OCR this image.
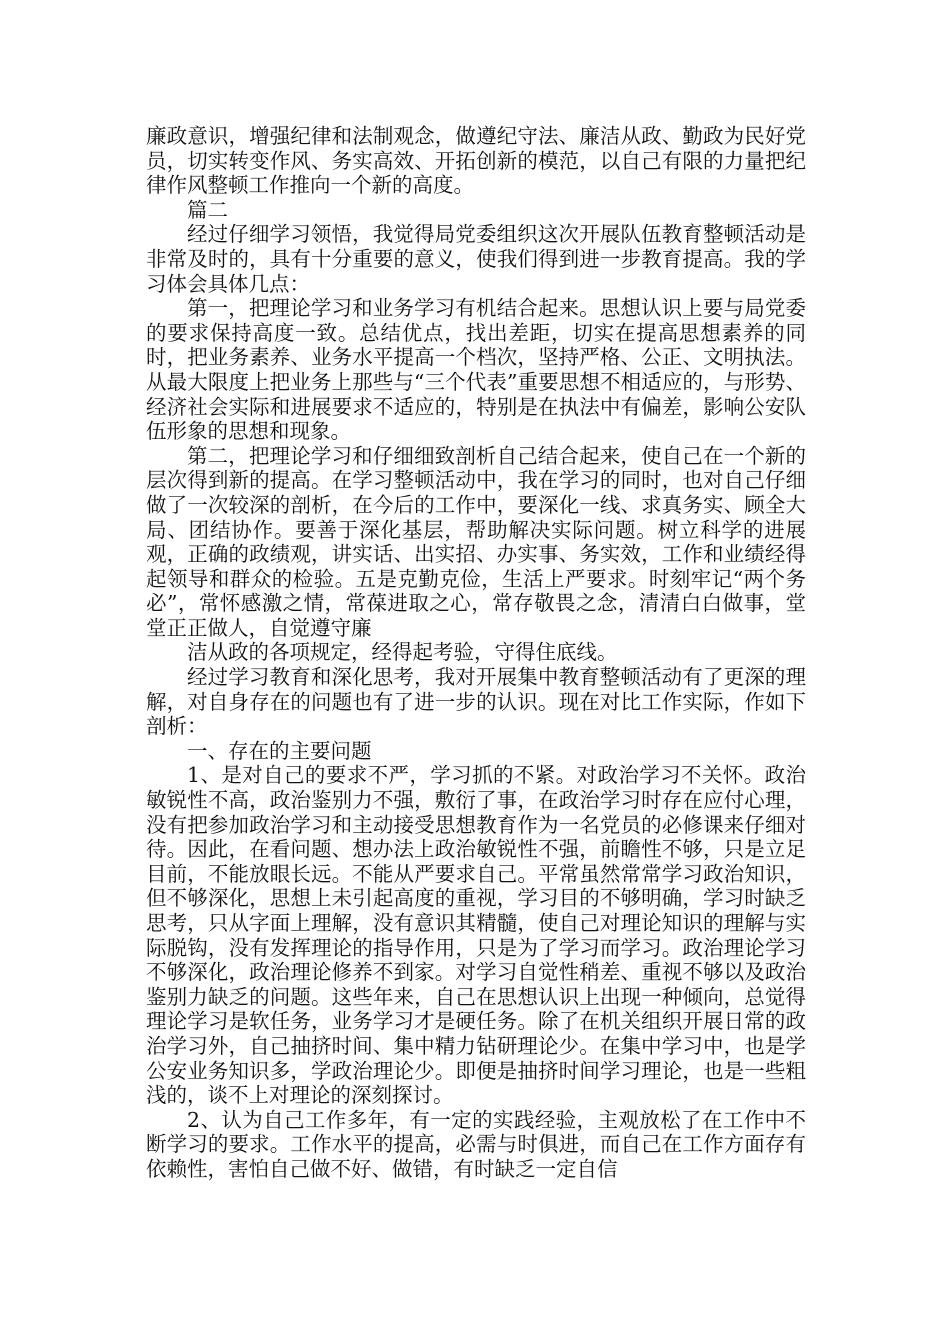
廉政意识，增强纪律和法制观念，做遵纪守法、廉洁从政、勤政为民好党员，切实转变作风、务实高效、开拓创新的模范，以自己有限的力量把纪律作风整顿工作推向一个新的高度。

篇二

经过仔细学习领悟，我觉得局党委组织这次开展队伍教育整顿活动是非常及时的，具有十分重要的意义，使我们得到进一步教育提高。我的学习体会具体几点：

第一，把理论学习和业务学习有机结合起来。思想认识上要与局党委的要求保持高度一致。总结优点，找出差距，切实在提高思想素养的同时，把业务素养、业务水平提高一个档次，坚持严格、公正、文明执法。从最大限度上把业务上那些与“三个代表”重要思想不相适应的，与形势、经济社会实际和进展要求不适应的，特别是在执法中有偏差，影响公安队伍形象的思想和现象。

第二，把理论学习和仔细细致剖析自己结合起来，使自己在一个新的层次得到新的提高。在学习整顿活动中，我在学习的同时，也对自己仔细做了一次较深的剖析，在今后的工作中，要深化一线、求真务实、顾全大局、团结协作。要善于深化基层，帮助解决实际问题。树立科学的进展观，正确的政绩观，讲实话、出实招、办实事、务实效，工作和业绩经得起领导和群众的检验。五是克勤克俭，生活上严要求。时刻牢记“两个务必”，常怀感激之情，常葆进取之心，常存敬畏之念，清清白白做事，堂堂正正做人，自觉遵守廉

洁从政的各项规定，经得起考验，守得住底线。

经过学习教育和深化思考，我对开展集中教育整顿活动有了更深的理解，对自身存在的问题也有了进一步的认识。现在对比工作实际，作如下剖析：

一、存在的主要问题

1、是对自己的要求不严，学习抓的不紧。对政治学习不关怀。政治敏锐性不高，政治鉴别力不强，敷衍了事，在政治学习时存在应付心理，没有把参加政治学习和主动接受思想教育作为一名党员的必修课来仔细对待。因此，在看问题、想办法上政治敏锐性不强，前瞻性不够，只是立足目前，不能放眼长远。不能从严要求自己。平常虽然常常学习政治知识，但不够深化，思想上未引起高度的重视，学习目的不够明确，学习时缺乏思考，只从字面上理解，没有意识其精髓，使自己对理论知识的理解与实际脱钩，没有发挥理论的指导作用，只是为了学习而学习。政治理论学习不够深化，政治理论修养不到家。对学习自觉性稍差、重视不够以及政治鉴别力缺乏的问题。这些年来，自己在思想认识上出现一种倾向，总觉得理论学习是软任务，业务学习才是硬任务。除了在机关组织开展日常的政治学习外，自己抽挤时间、集中精力钻研理论少。在集中学习中，也是学公安业务知识多，学政治理论少。即便是抽挤时间学习理论，也是一些粗浅的，谈不上对理论的深刻探讨。

2、认为自己工作多年，有一定的实践经验，主观放松了在工作中不断学习的要求。工作水平的提高，必需与时俱进，而自己在工作方面存有依赖性，害怕自己做不好、做错，有时缺乏一定自信
